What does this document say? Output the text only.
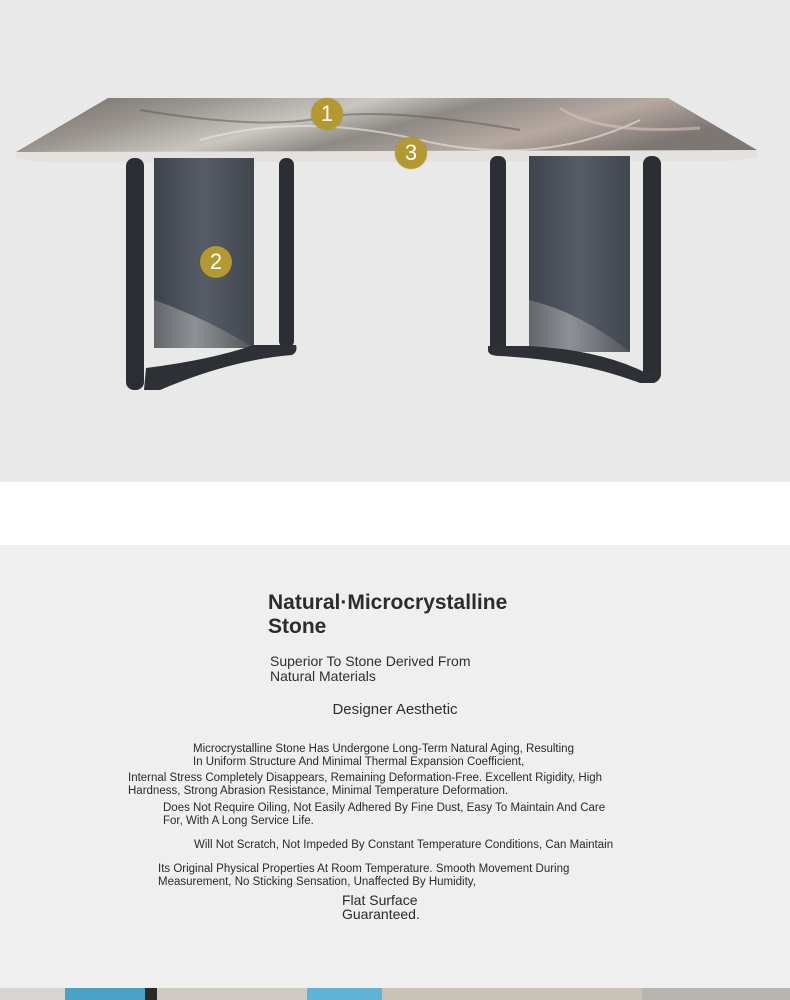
1
2
3
Natural·Microcrystalline
Stone
Superior To Stone Derived From
Natural Materials
Designer Aesthetic
Microcrystalline Stone Has Undergone Long-Term Natural Aging, Resulting
In Uniform Structure And Minimal Thermal Expansion Coefficient,
Internal Stress Completely Disappears, Remaining Deformation-Free. Excellent Rigidity, High
Hardness, Strong Abrasion Resistance, Minimal Temperature Deformation.
Does Not Require Oiling, Not Easily Adhered By Fine Dust, Easy To Maintain And Care
For, With A Long Service Life.
Will Not Scratch, Not Impeded By Constant Temperature Conditions, Can Maintain
Its Original Physical Properties At Room Temperature. Smooth Movement During
Measurement, No Sticking Sensation, Unaffected By Humidity,
Flat Surface
Guaranteed.
